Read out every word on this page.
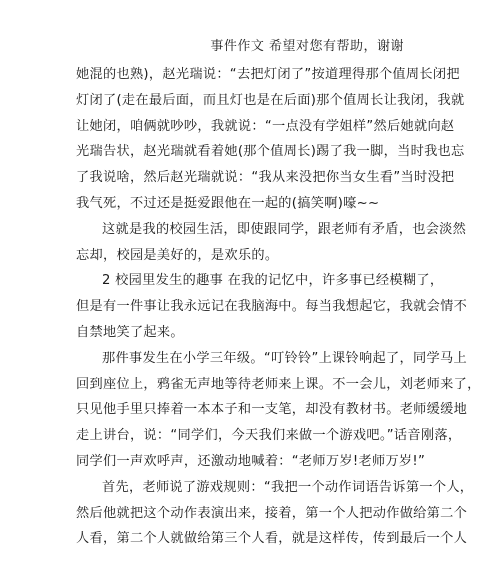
事件作文 希望对您有帮助，谢谢
她混的也熟)，赵光瑞说：“去把灯闭了”按道理得那个值周长闭把
灯闭了(走在最后面，而且灯也是在后面)那个值周长让我闭，我就
让她闭，咱俩就吵吵，我就说：“一点没有学姐样”然后她就向赵
光瑞告状，赵光瑞就看着她(那个值周长)踢了我一脚，当时我也忘
了我说啥，然后赵光瑞就说：“我从来没把你当女生看”当时没把
我气死，不过还是挺爱跟他在一起的(搞笑啊)嚎~~
这就是我的校园生活，即使跟同学，跟老师有矛盾，也会淡然
忘却，校园是美好的，是欢乐的。
2 校园里发生的趣事 在我的记忆中，许多事已经模糊了，
但是有一件事让我永远记在我脑海中。每当我想起它，我就会情不
自禁地笑了起来。
那件事发生在小学三年级。“叮铃铃”上课铃响起了，同学马上
回到座位上，鸦雀无声地等待老师来上课。不一会儿，刘老师来了，
只见他手里只捧着一本本子和一支笔，却没有教材书。老师缓缓地
走上讲台，说：“同学们，今天我们来做一个游戏吧。”话音刚落，
同学们一声欢呼声，还激动地喊着：“老师万岁!老师万岁!”
首先，老师说了游戏规则：“我把一个动作词语告诉第一个人，
然后他就把这个动作表演出来，接着，第一个人把动作做给第二个
人看，第二个人就做给第三个人看，就是这样传，传到最后一个人
